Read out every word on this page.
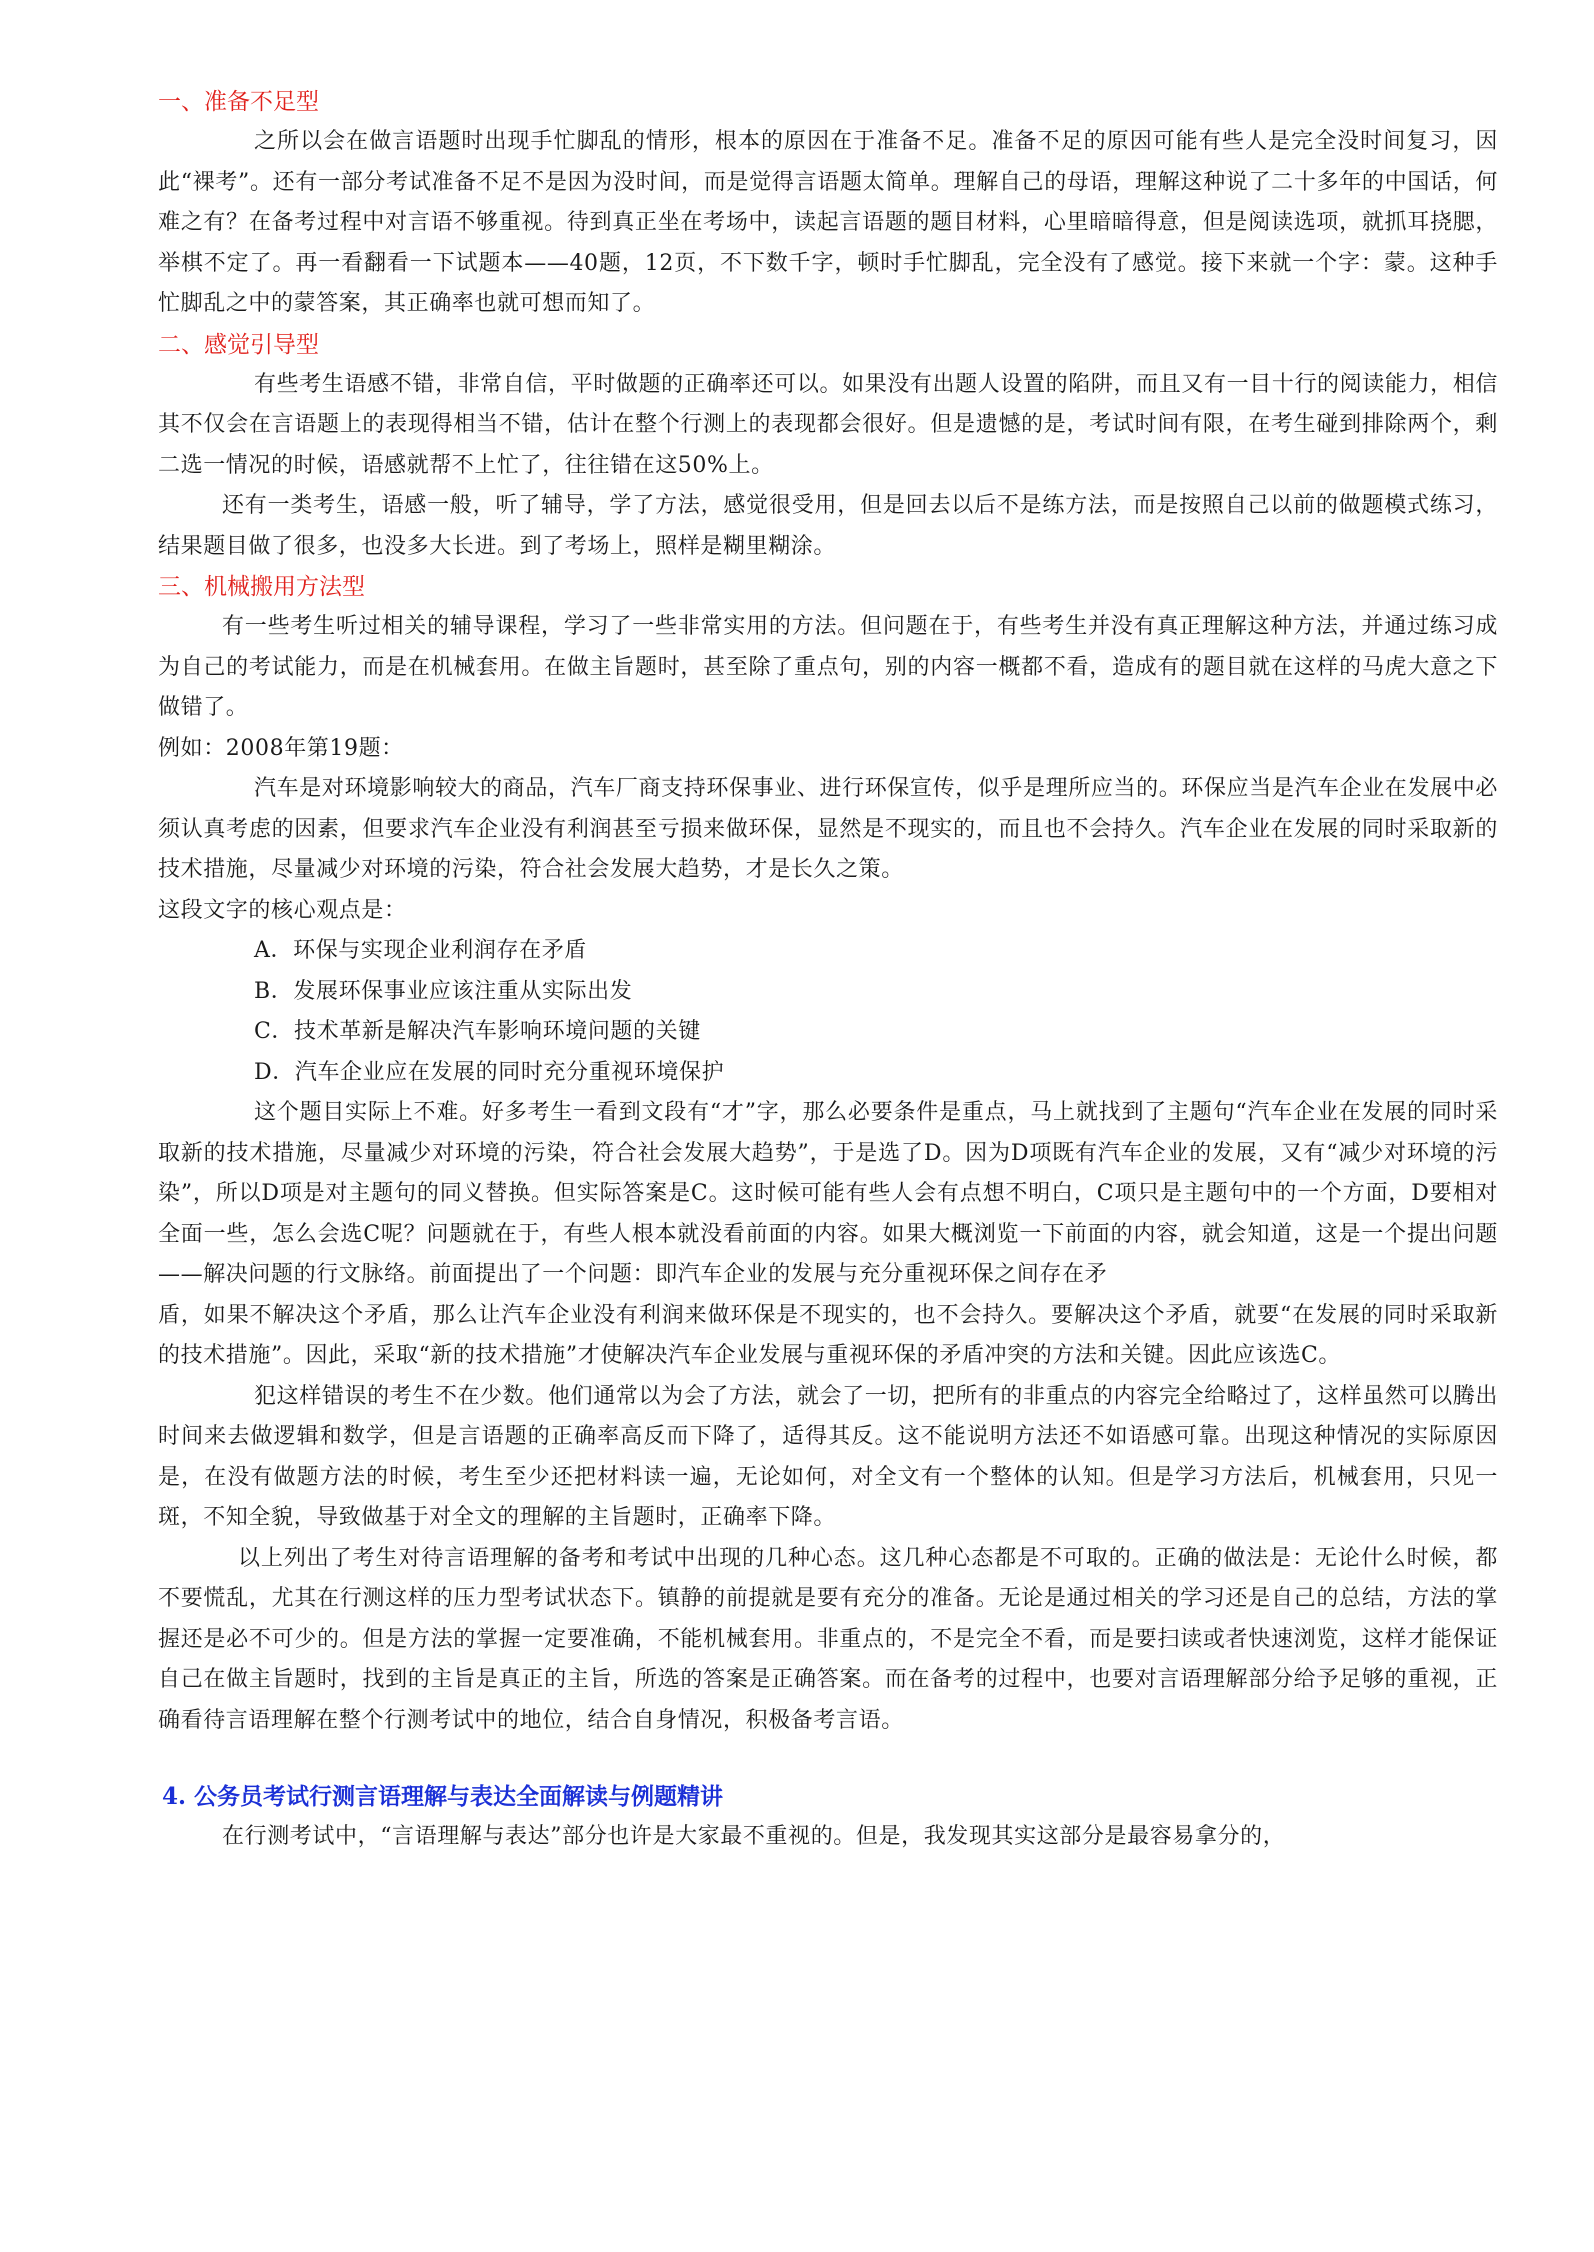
一、准备不足型

之所以会在做言语题时出现手忙脚乱的情形，根本的原因在于准备不足。准备不足的原因可能有些人是完全没时间复习，因此“裸考”。还有一部分考试准备不足不是因为没时间，而是觉得言语题太简单。理解自己的母语，理解这种说了二十多年的中国话，何难之有？在备考过程中对言语不够重视。待到真正坐在考场中，读起言语题的题目材料，心里暗暗得意，但是阅读选项，就抓耳挠腮，举棋不定了。再一看翻看一下试题本——40题，12页，不下数千字，顿时手忙脚乱，完全没有了感觉。接下来就一个字：蒙。这种手忙脚乱之中的蒙答案，其正确率也就可想而知了。

二、感觉引导型

有些考生语感不错，非常自信，平时做题的正确率还可以。如果没有出题人设置的陷阱，而且又有一目十行的阅读能力，相信其不仅会在言语题上的表现得相当不错，估计在整个行测上的表现都会很好。但是遗憾的是，考试时间有限，在考生碰到排除两个，剩二选一情况的时候，语感就帮不上忙了，往往错在这50%上。

还有一类考生，语感一般，听了辅导，学了方法，感觉很受用，但是回去以后不是练方法，而是按照自己以前的做题模式练习，结果题目做了很多，也没多大长进。到了考场上，照样是糊里糊涂。

三、机械搬用方法型

有一些考生听过相关的辅导课程，学习了一些非常实用的方法。但问题在于，有些考生并没有真正理解这种方法，并通过练习成为自己的考试能力，而是在机械套用。在做主旨题时，甚至除了重点句，别的内容一概都不看，造成有的题目就在这样的马虎大意之下做错了。

例如：2008年第19题：

汽车是对环境影响较大的商品，汽车厂商支持环保事业、进行环保宣传，似乎是理所应当的。环保应当是汽车企业在发展中必须认真考虑的因素，但要求汽车企业没有利润甚至亏损来做环保，显然是不现实的，而且也不会持久。汽车企业在发展的同时采取新的技术措施，尽量减少对环境的污染，符合社会发展大趋势，才是长久之策。

这段文字的核心观点是：

A．环保与实现企业利润存在矛盾

B．发展环保事业应该注重从实际出发

C．技术革新是解决汽车影响环境问题的关键

D．汽车企业应在发展的同时充分重视环境保护

这个题目实际上不难。好多考生一看到文段有“才”字，那么必要条件是重点，马上就找到了主题句“汽车企业在发展的同时采取新的技术措施，尽量减少对环境的污染，符合社会发展大趋势”，于是选了D。因为D项既有汽车企业的发展，又有“减少对环境的污染”，所以D项是对主题句的同义替换。但实际答案是C。这时候可能有些人会有点想不明白，C项只是主题句中的一个方面，D要相对全面一些，怎么会选C呢？问题就在于，有些人根本就没看前面的内容。如果大概浏览一下前面的内容，就会知道，这是一个提出问题——解决问题的行文脉络。前面提出了一个问题：即汽车企业的发展与充分重视环保之间存在矛

盾，如果不解决这个矛盾，那么让汽车企业没有利润来做环保是不现实的，也不会持久。要解决这个矛盾，就要“在发展的同时采取新的技术措施”。因此，采取“新的技术措施”才使解决汽车企业发展与重视环保的矛盾冲突的方法和关键。因此应该选C。

犯这样错误的考生不在少数。他们通常以为会了方法，就会了一切，把所有的非重点的内容完全给略过了，这样虽然可以腾出时间来去做逻辑和数学，但是言语题的正确率高反而下降了，适得其反。这不能说明方法还不如语感可靠。出现这种情况的实际原因是，在没有做题方法的时候，考生至少还把材料读一遍，无论如何，对全文有一个整体的认知。但是学习方法后，机械套用，只见一斑，不知全貌，导致做基于对全文的理解的主旨题时，正确率下降。

以上列出了考生对待言语理解的备考和考试中出现的几种心态。这几种心态都是不可取的。正确的做法是：无论什么时候，都不要慌乱，尤其在行测这样的压力型考试状态下。镇静的前提就是要有充分的准备。无论是通过相关的学习还是自己的总结，方法的掌握还是必不可少的。但是方法的掌握一定要准确，不能机械套用。非重点的，不是完全不看，而是要扫读或者快速浏览，这样才能保证自己在做主旨题时，找到的主旨是真正的主旨，所选的答案是正确答案。而在备考的过程中，也要对言语理解部分给予足够的重视，正确看待言语理解在整个行测考试中的地位，结合自身情况，积极备考言语。

4. 公务员考试行测言语理解与表达全面解读与例题精讲

在行测考试中，“言语理解与表达”部分也许是大家最不重视的。但是，我发现其实这部分是最容易拿分的，
